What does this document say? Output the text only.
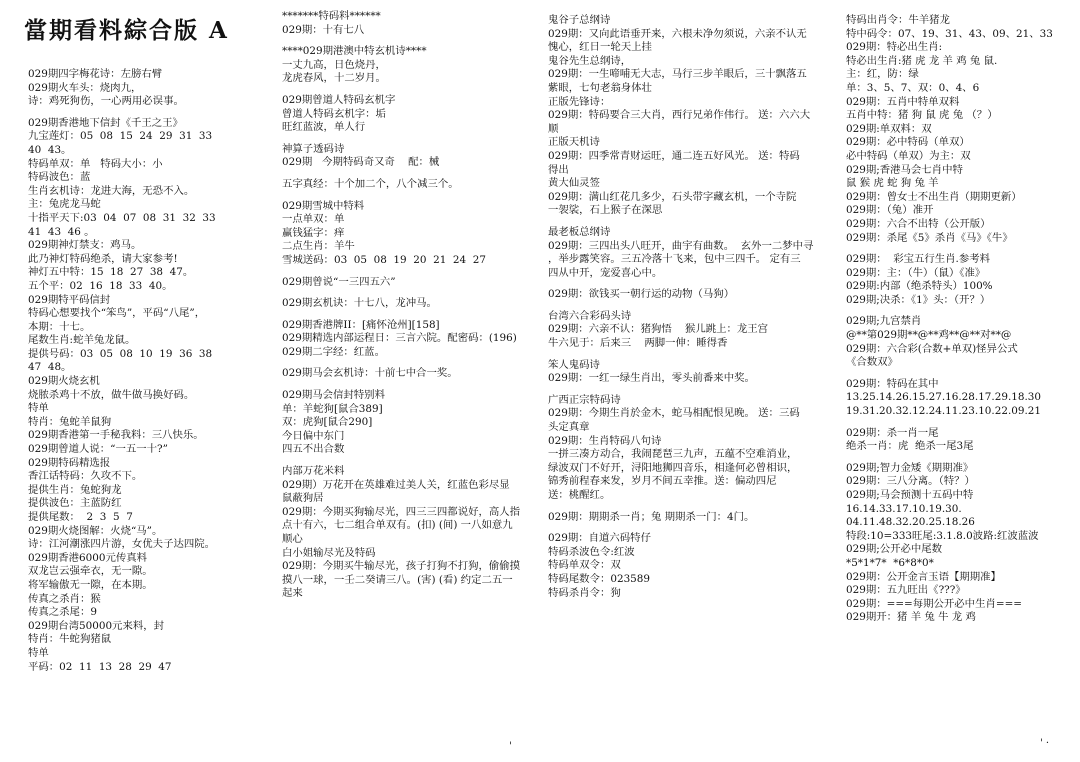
當期看料綜合版 A
029期四字梅花诗：左膀右臂
029期火车头：烧肉九，
诗：鸡死狗伤，一心两用必误事。
029期香港地下信封《千王之王》
九宝莲灯：05  08  15  24  29  31  33
40  43。
特码单双：单   特码大小：小
特码波色：蓝
生肖玄机诗：龙进大海，无恐不入。
主：兔虎龙马蛇
十指平天下:03  04  07  08  31  32  33
41  43  46 。
029期神灯禁支：鸡马。
此乃神灯特码绝杀，请大家参考!
神灯五中特：15  18  27  38  47。
五个平：02  16  18  33  40。
029期特平码信封
特码心想要找个“笨鸟”，平码“八尾”，
本期：十七。
尾数生肖:蛇羊兔龙鼠。
提供号码：03  05  08  10  19  36  38
47  48。
029期火烧玄机
烧脓杀鸡十不放，做牛做马换好码。
特单
特肖：兔蛇羊鼠狗
029期香港第一手秘我料：三八快乐。
029期曾道人说：“一五一十?”
029期特码精选报
香江话特码：久攻不下。
提供生肖：兔蛇狗龙
提供波色：主蓝防红
提供尾数：  2  3  5  7
029期火烧图解：火烧“马”。
诗：江河潮涨四片游，女优夫子达四院。
029期香港6000元传真料
双龙岂云强牵衣，无一隙。
将军输傲无一隙，在本期。
传真之杀肖：猴
传真之杀尾：9
029期台湾50000元来料，封
特肖：牛蛇狗猪鼠
特单
平码：02  11  13  28  29  47
*******特码料******
029期：十有七八
****029期港澳中特玄机诗****
一丈九高，日色烧丹，
龙虎春风，十二岁月。
029期曾道人特码玄机字
曾道人特码玄机字：垢
旺红蓝波，单人行
神算子透码诗
029期   今期特码奇又奇    配：械
五字真经：十个加二个，八个减三个。
029期雪城中特料
一点单双：单
赢钱猛字：痒
二点生肖：羊牛
雪城送码：03  05  08  19  20  21  24  27
029期曾说“一三四五六”
029期玄机诀：十七八，龙冲马。
029期香港牌II：[痛怀沧州][158]
029期精选内部运程日：三言六院。配密码：(196)
029期二字经：红蓝。
029期马会玄机诗：十前七中合一奖。
029期马会信封特别料
单：羊蛇狗[鼠合389]
双：虎狗[鼠合290]
今日偏中东门
四五不出合数
内部万花米料
029期）万花开在英雄难过美人关，红蓝色彩尽显
鼠蔽狗居
029期：今期买狗输尽光，四三三四都说好，高人指
点十有六，七二组合单双有。(扣) (间) 一八如意九
顺心
白小姐输尽光及特码
029期：今期买牛输尽光，孩子打狗不打狗，偷偷摸
摸八一球，一壬二癸请三八。(害) (看) 约定二五一
起来
鬼谷子总纲诗
029期：又向此语垂开来，六根未净勿须说，六亲不认无
愧心，红日一轮天上挂
鬼谷先生总纲诗，
029期：一生啼哺无大志，马行三步羊眼后，三十飘落五
紫眼，七句老翁身体壮
正版先锋诗：
029期：特码要合三大肖，西行兄弟作伟行。 送：六六大
顺
正版天机诗
029期：四季常青财运旺，通二连五好风光。 送：特码
得出
黄大仙灵签
029期：满山红花几多少，石头带字藏玄机，一个寺院
一袈裟，石上猴子在深思
最老板总纲诗
029期：三四出头八旺开，曲宇有曲数。  玄外一二梦中寻
，举步露笑容。三五冷落十飞来，包中三四千。 定有三
四从中开，宠爱喜心中。
029期：欲钱买一朝行运的动物（马狗）
台湾六合彩码头诗
029期：六亲不认：猪狗悟    猴儿跳上：龙王宫
牛六见于：后来三    两脚一伸：睡得香
笨人鬼码诗
029期：一红一绿生肖出，零头前番来中奖。
广西正宗特码诗
029期：今期生肖於金木，蛇马相配恨见晚。 送：三码
头定真章
029期：生肖特码八句诗
一拼三凑方动合，我闹琵琶三九声，五蕴不空难消业，
绿波双门不好开，浔阳地狮四音乐，相逢何必曾相识，
锦秀前程春来发，岁月不间五幸推。送：偏动四尼
送：桃醒红。
029期：期期杀一肖；兔 期期杀一门：4门。
029期：自道六码特仔
特码杀波色令:红波
特码单双令：双
特码尾数令：023589
特码杀肖令：狗
特码出肖令：牛羊猪龙
特中码令：07、19、31、43、09、21、33
029期：特必出生肖:
特必出生肖:猪 虎 龙 羊 鸡 兔 鼠.
主：红，防：绿
单：3、5、7、双：0、4、6
029期：五肖中特单双料
五肖中特：猪 狗 鼠 虎 兔 （？）
029期:单双料：双
029期：必中特码（单双）
必中特码（单双）为主：双
029期;香港马会七肖中特
鼠 猴 虎 蛇 狗 兔 羊
029期：曾女士不出生肖（期期更新）
029期：（兔）准开
029期：六合不出特（公开版）
029期：杀尾《5》杀肖《马》《牛》
029期：  彩宝五行生肖.参考料
029期：主：（牛）（鼠）《准》
029期:内部（绝杀特头）100%
029期;决杀：《1》头：（开？）
029期;九宫禁肖
@**第029期**@**鸡**@**对**@
029期：六合彩(合数+单双)怪异公式
《合数双》
029期：特码在其中
13.25.14.26.15.27.16.28.17.29.18.30
19.31.20.32.12.24.11.23.10.22.09.21
029期：杀一肖一尾
绝杀一肖：虎  绝杀一尾3尾
029期;智力金矮《期期准》
029期：三八分离。（特？）
029期;马会预测十五码中特
16.14.33.17.10.19.30.
04.11.48.32.20.25.18.26
特段:10=333旺尾:3.1.8.0波路:红波蓝波
029期;公开必中尾数
*5*1*7*  *6*8*0*
029期：公开金言玉语【期期准】
029期：五九旺出《???》
029期：===每期公开必中生肖===
029期开：猪 羊 兔 牛 龙 鸡
'	' ·
